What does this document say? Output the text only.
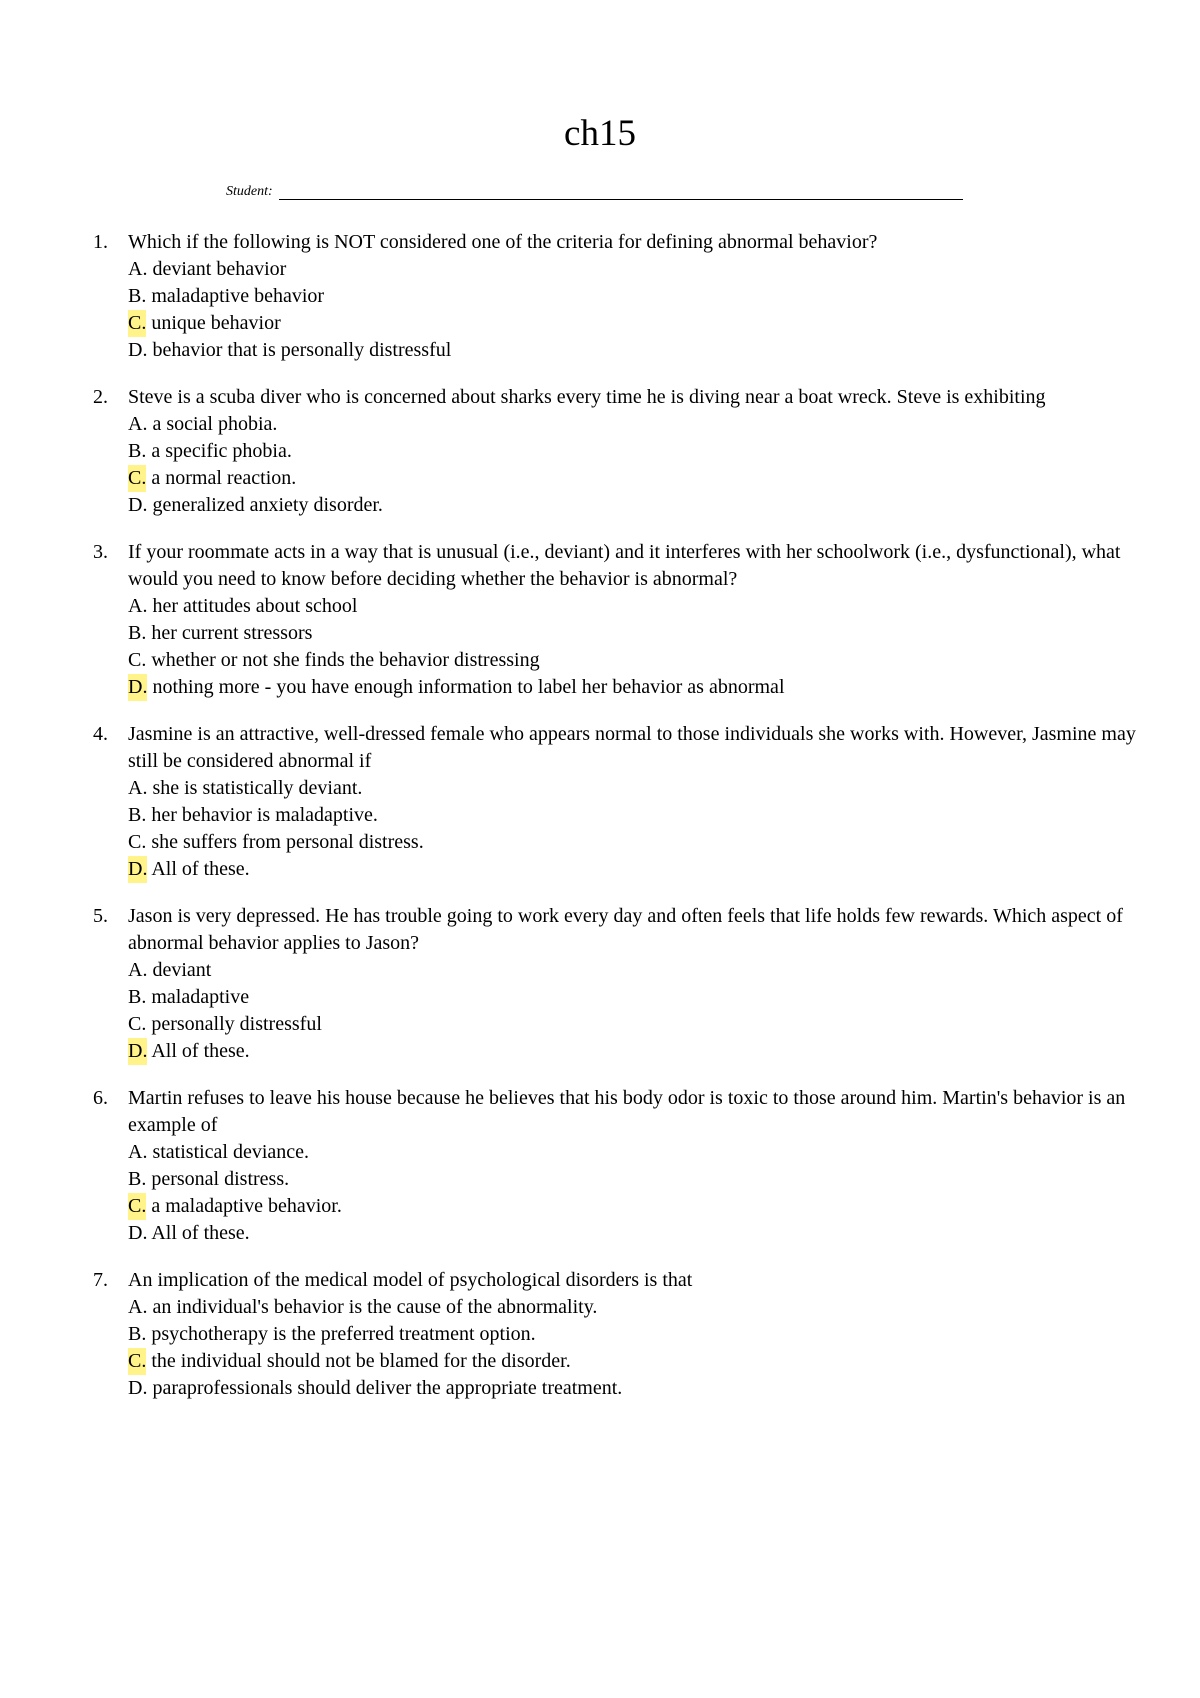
ch15
Student:
1. Which if the following is NOT considered one of the criteria for defining abnormal behavior?
A. deviant behavior
B. maladaptive behavior
C. unique behavior
D. behavior that is personally distressful
2. Steve is a scuba diver who is concerned about sharks every time he is diving near a boat wreck. Steve is exhibiting
A. a social phobia.
B. a specific phobia.
C. a normal reaction.
D. generalized anxiety disorder.
3. If your roommate acts in a way that is unusual (i.e., deviant) and it interferes with her schoolwork (i.e., dysfunctional), what would you need to know before deciding whether the behavior is abnormal?
A. her attitudes about school
B. her current stressors
C. whether or not she finds the behavior distressing
D. nothing more - you have enough information to label her behavior as abnormal
4. Jasmine is an attractive, well-dressed female who appears normal to those individuals she works with. However, Jasmine may still be considered abnormal if
A. she is statistically deviant.
B. her behavior is maladaptive.
C. she suffers from personal distress.
D. All of these.
5. Jason is very depressed. He has trouble going to work every day and often feels that life holds few rewards. Which aspect of abnormal behavior applies to Jason?
A. deviant
B. maladaptive
C. personally distressful
D. All of these.
6. Martin refuses to leave his house because he believes that his body odor is toxic to those around him. Martin's behavior is an example of
A. statistical deviance.
B. personal distress.
C. a maladaptive behavior.
D. All of these.
7. An implication of the medical model of psychological disorders is that
A. an individual's behavior is the cause of the abnormality.
B. psychotherapy is the preferred treatment option.
C. the individual should not be blamed for the disorder.
D. paraprofessionals should deliver the appropriate treatment.
